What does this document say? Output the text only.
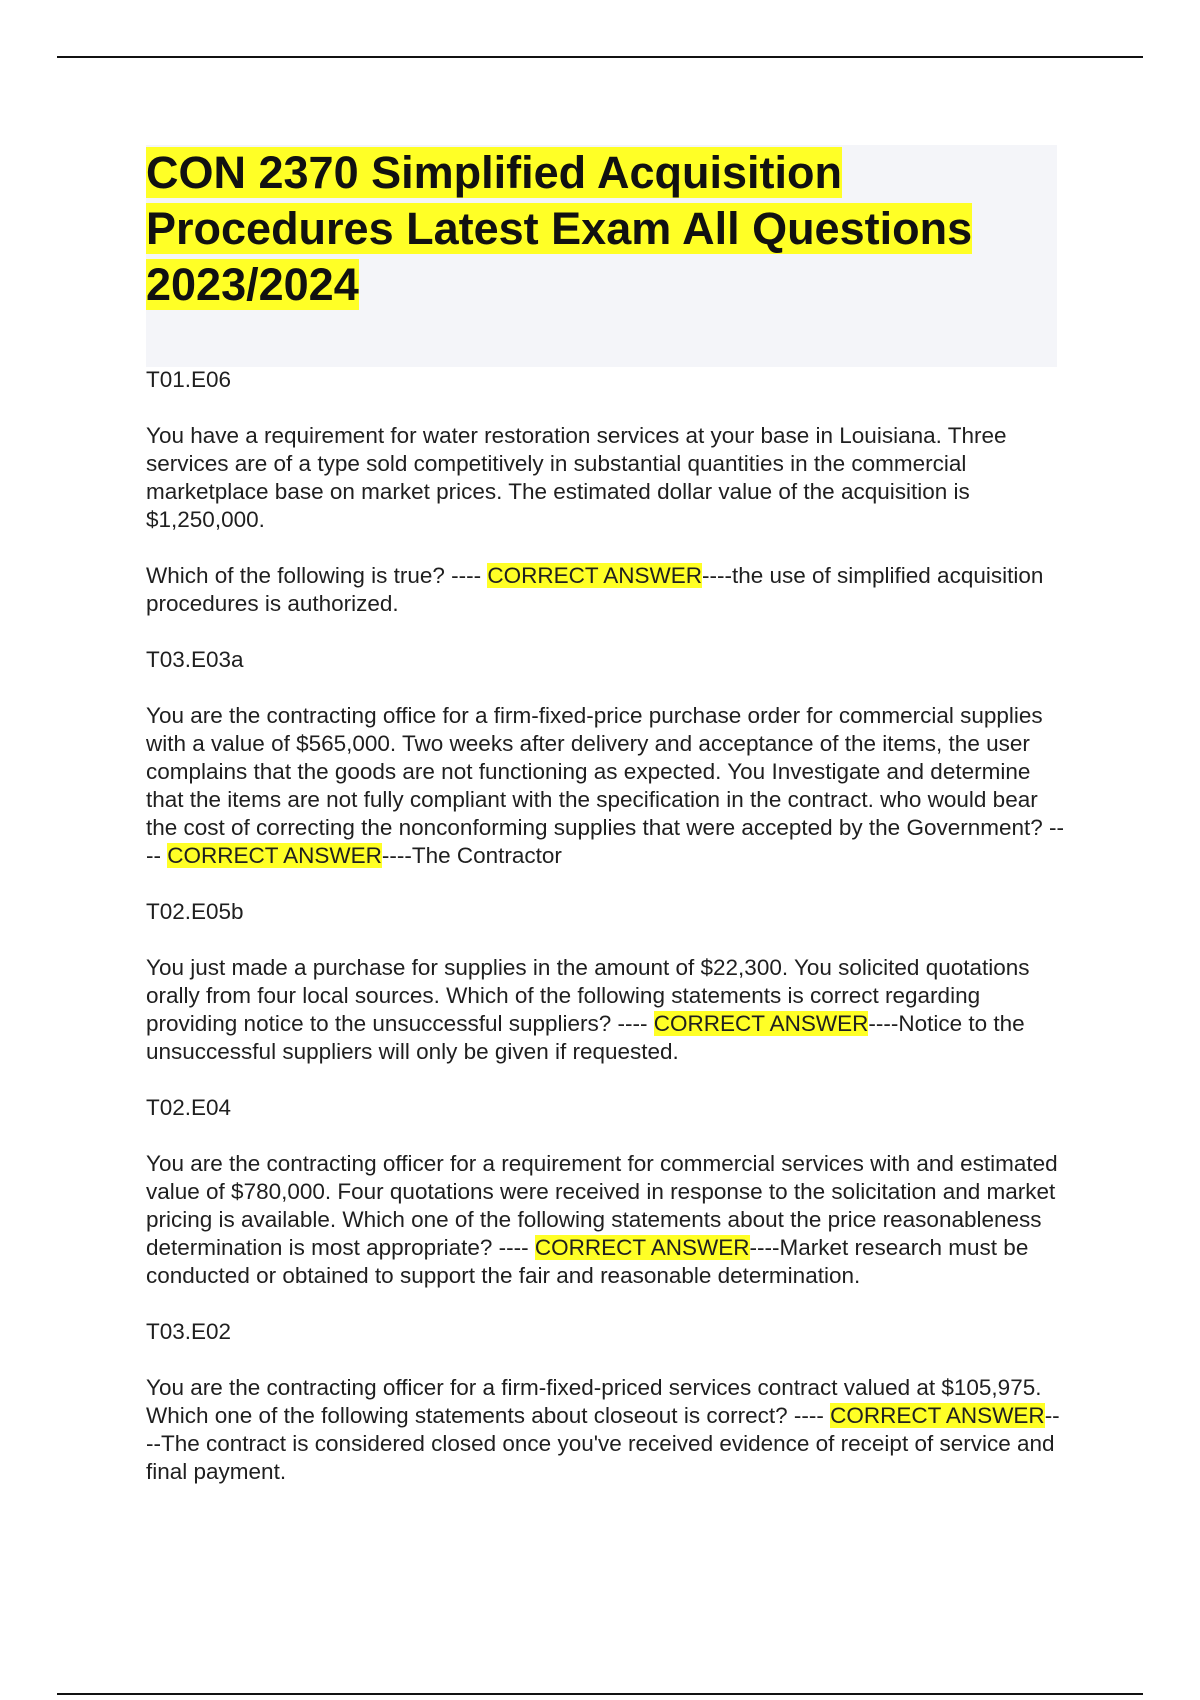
CON 2370 Simplified Acquisition Procedures Latest Exam All Questions 2023/2024

T01.E06

You have a requirement for water restoration services at your base in Louisiana. Three services are of a type sold competitively in substantial quantities in the commercial marketplace base on market prices. The estimated dollar value of the acquisition is $1,250,000.

Which of the following is true? ---- CORRECT ANSWER----the use of simplified acquisition procedures is authorized.

T03.E03a

You are the contracting office for a firm-fixed-price purchase order for commercial supplies with a value of $565,000. Two weeks after delivery and acceptance of the items, the user complains that the goods are not functioning as expected. You Investigate and determine that the items are not fully compliant with the specification in the contract. who would bear the cost of correcting the nonconforming supplies that were accepted by the Government? ---- CORRECT ANSWER----The Contractor

T02.E05b

You just made a purchase for supplies in the amount of $22,300. You solicited quotations orally from four local sources. Which of the following statements is correct regarding providing notice to the unsuccessful suppliers? ---- CORRECT ANSWER----Notice to the unsuccessful suppliers will only be given if requested.

T02.E04

You are the contracting officer for a requirement for commercial services with and estimated value of $780,000. Four quotations were received in response to the solicitation and market pricing is available. Which one of the following statements about the price reasonableness determination is most appropriate? ---- CORRECT ANSWER----Market research must be conducted or obtained to support the fair and reasonable determination.

T03.E02

You are the contracting officer for a firm-fixed-priced services contract valued at $105,975. Which one of the following statements about closeout is correct? ---- CORRECT ANSWER----The contract is considered closed once you've received evidence of receipt of service and final payment.
